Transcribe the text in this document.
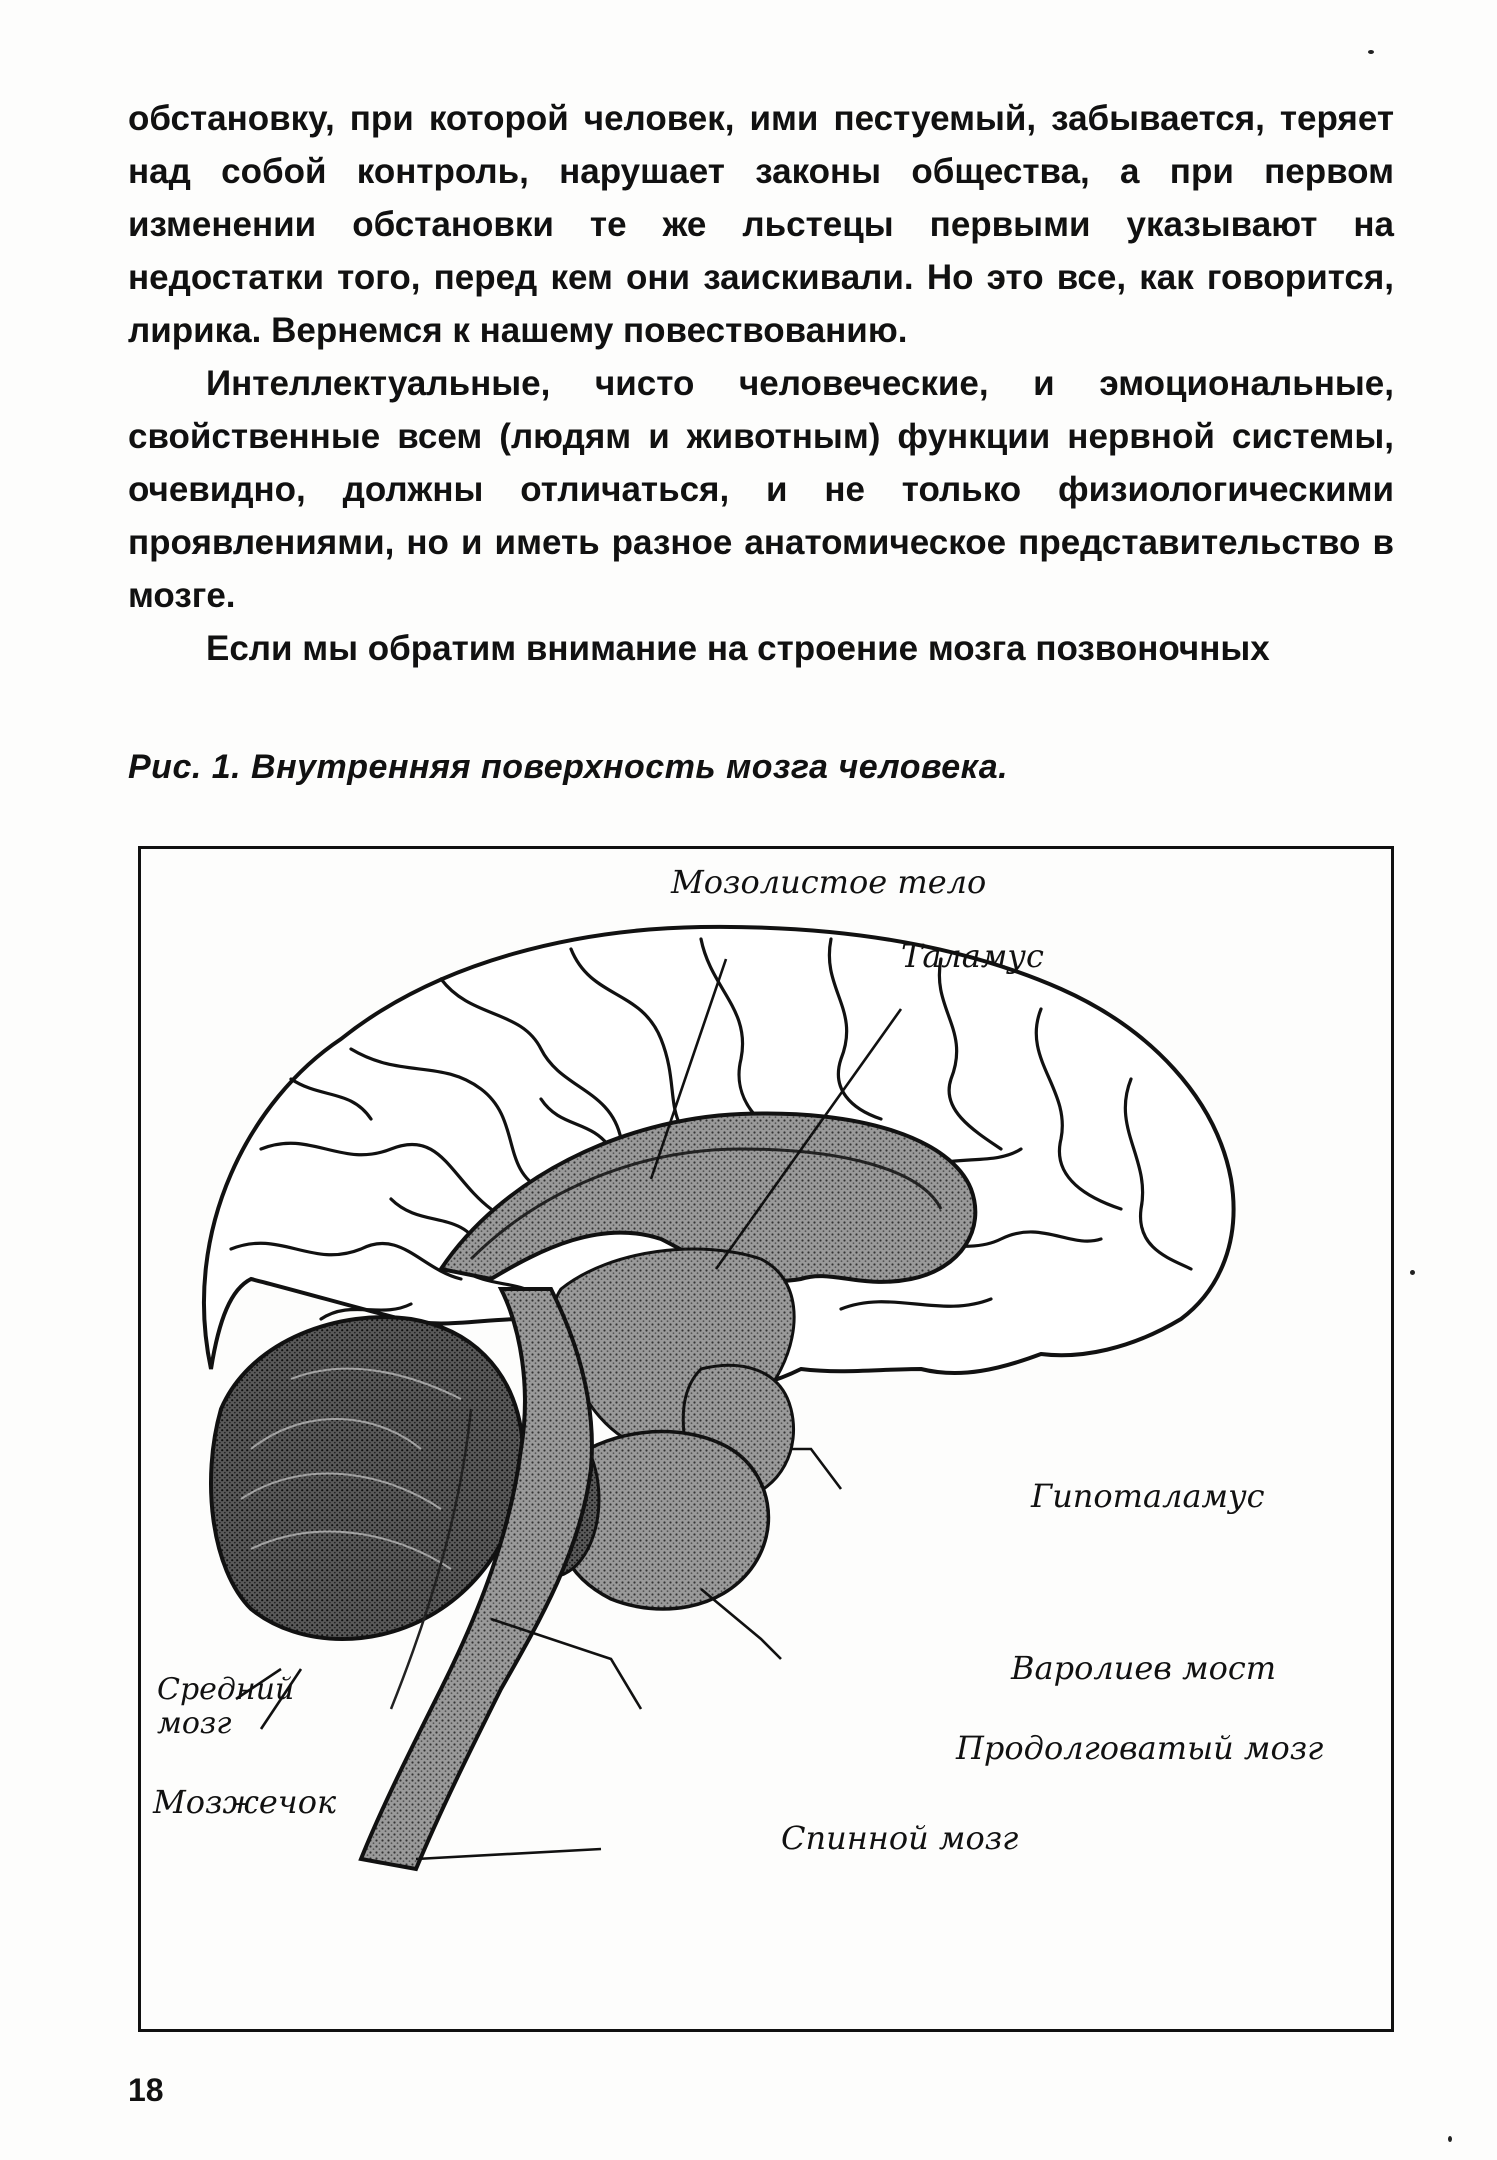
обстановку, при которой человек, ими пестуемый, забывается, теряет над собой контроль, нарушает законы общества, а при первом изменении обстановки те же льстецы первыми указывают на недостатки того, перед кем они заискивали. Но это все, как говорится, лирика. Вернемся к нашему повествованию.

Интеллектуальные, чисто человеческие, и эмоциональные, свойственные всем (людям и животным) функции нервной системы, очевидно, должны отличаться, и не только физиологическими проявлениями, но и иметь разное анатомическое представительство в мозге.

Если мы обратим внимание на строение мозга позвоночных

Рис. 1. Внутренняя поверхность мозга человека.
Мозолистое тело
Таламус
Гипоталамус
Варолиев мост
Продолговатый мозг
Спинной мозг
Средний мозг
Мозжечок
18
